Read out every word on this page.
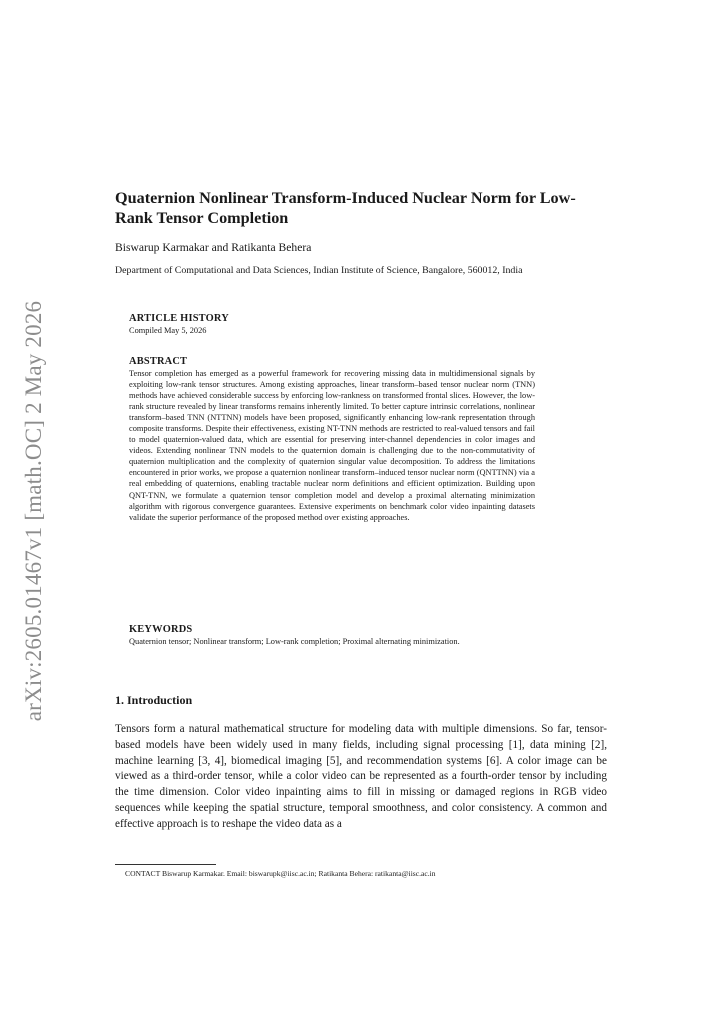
arXiv:2605.01467v1 [math.OC] 2 May 2026
Quaternion Nonlinear Transform-Induced Nuclear Norm for Low-Rank Tensor Completion

Biswarup Karmakar and Ratikanta Behera

Department of Computational and Data Sciences, Indian Institute of Science, Bangalore, 560012, India

ARTICLE HISTORY

Compiled May 5, 2026

ABSTRACT

Tensor completion has emerged as a powerful framework for recovering missing data in multidimensional signals by exploiting low-rank tensor structures. Among existing approaches, linear transform–based tensor nuclear norm (TNN) methods have achieved considerable success by enforcing low-rankness on transformed frontal slices. However, the low-rank structure revealed by linear transforms remains inherently limited. To better capture intrinsic correlations, nonlinear transform–based TNN (NTTNN) models have been proposed, significantly enhancing low-rank representation through composite transforms. Despite their effectiveness, existing NT-TNN methods are restricted to real-valued tensors and fail to model quaternion-valued data, which are essential for preserving inter-channel dependencies in color images and videos. Extending nonlinear TNN models to the quaternion domain is challenging due to the non-commutativity of quaternion multiplication and the complexity of quaternion singular value decomposition. To address the limitations encountered in prior works, we propose a quaternion nonlinear transform–induced tensor nuclear norm (QNTTNN) via a real embedding of quaternions, enabling tractable nuclear norm definitions and efficient optimization. Building upon QNT-TNN, we formulate a quaternion tensor completion model and develop a proximal alternating minimization algorithm with rigorous convergence guarantees. Extensive experiments on benchmark color video inpainting datasets validate the superior performance of the proposed method over existing approaches.

KEYWORDS

Quaternion tensor; Nonlinear transform; Low-rank completion; Proximal alternating minimization.

1. Introduction

Tensors form a natural mathematical structure for modeling data with multiple dimensions. So far, tensor-based models have been widely used in many fields, including signal processing [1], data mining [2], machine learning [3, 4], biomedical imaging [5], and recommendation systems [6]. A color image can be viewed as a third-order tensor, while a color video can be represented as a fourth-order tensor by including the time dimension. Color video inpainting aims to fill in missing or damaged regions in RGB video sequences while keeping the spatial structure, temporal smoothness, and color consistency. A common and effective approach is to reshape the video data as a

CONTACT Biswarup Karmakar. Email: biswarupk@iisc.ac.in; Ratikanta Behera: ratikanta@iisc.ac.in
